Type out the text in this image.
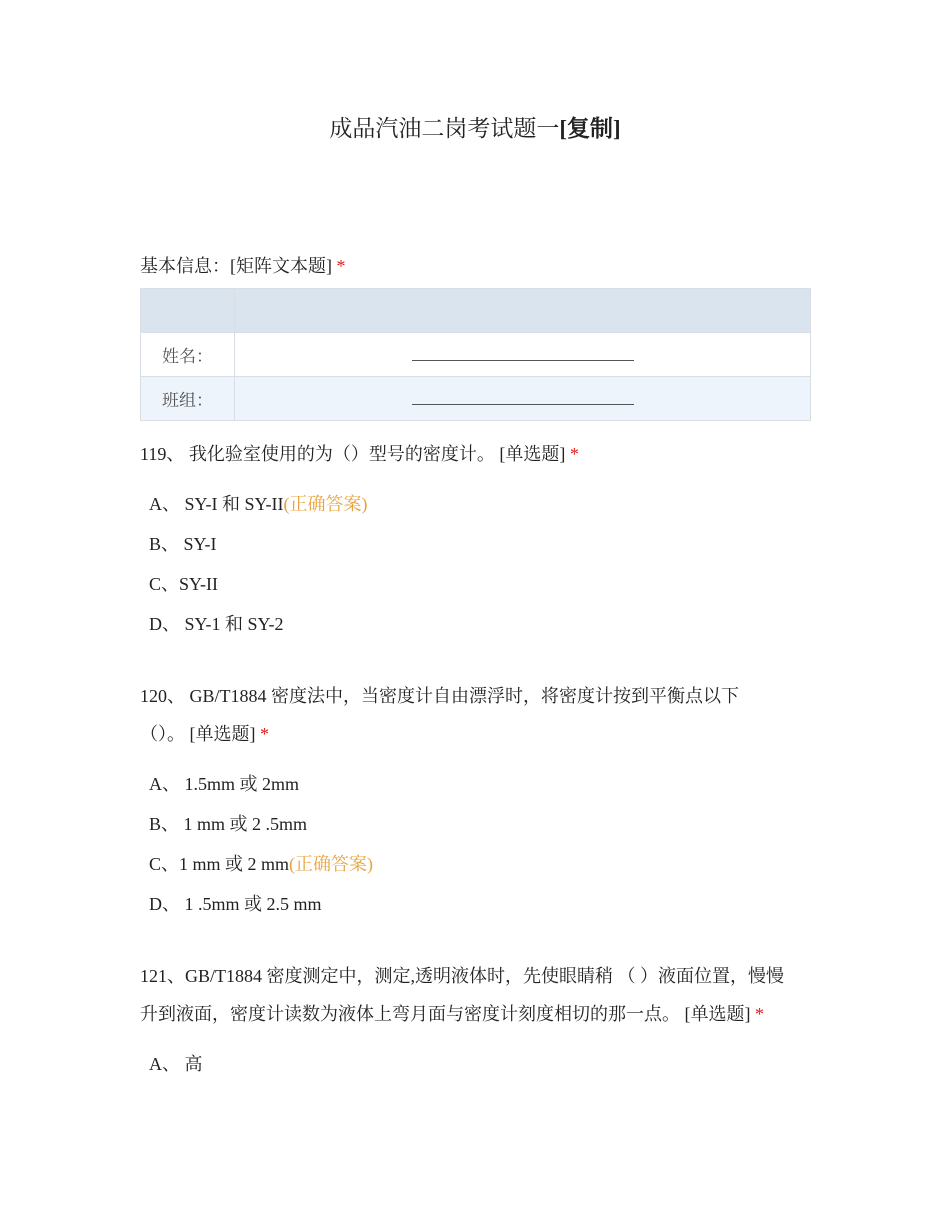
成品汽油二岗考试题一[复制]
基本信息：[矩阵文本题] *

姓名：	
班组：	
119、 我化验室使用的为（）型号的密度计。 [单选题] *
A、 SY-I 和 SY-II(正确答案)
B、 SY-I
C、SY-II
D、 SY-1 和 SY-2
120、 GB/T1884 密度法中，当密度计自由漂浮时，将密度计按到平衡点以下
（）。 [单选题] *
A、 1.5mm 或 2mm
B、 1 mm 或 2 .5mm
C、1 mm 或 2 mm(正确答案)
D、 1 .5mm 或 2.5 mm
121、GB/T1884 密度测定中，测定,透明液体时，先使眼睛稍 （ ）液面位置，慢慢
升到液面，密度计读数为液体上弯月面与密度计刻度相切的那一点。 [单选题] *
A、 高
